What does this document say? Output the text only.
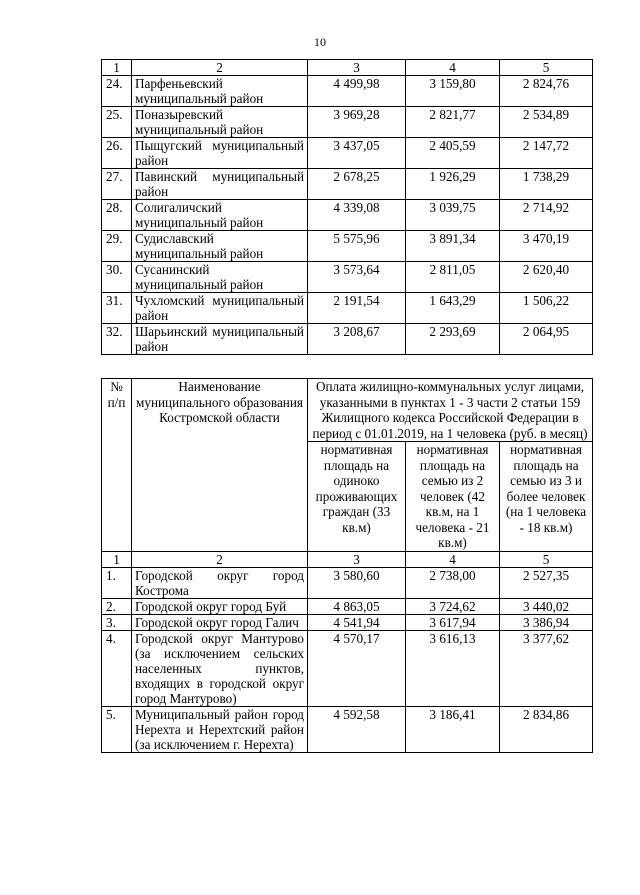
10
1	2	3	4	5
24.	Парфеньевский муниципальный район	4 499,98	3 159,80	2 824,76
25.	Поназыревский муниципальный район	3 969,28	2 821,77	2 534,89
26.	Пыщугский муниципальный район	3 437,05	2 405,59	2 147,72
27.	Павинский муниципальный район	2 678,25	1 926,29	1 738,29
28.	Солигаличский муниципальный район	4 339,08	3 039,75	2 714,92
29.	Судиславский муниципальный район	5 575,96	3 891,34	3 470,19
30.	Сусанинский муниципальный район	3 573,64	2 811,05	2 620,40
31.	Чухломский муниципальный район	2 191,54	1 643,29	1 506,22
32.	Шарьинский муниципальный район	3 208,67	2 293,69	2 064,95
№ п/п	Наименование муниципального образования Костромской области	Оплата жилищно-коммунальных услуг лицами, указанными в пунктах 1 - 3 части 2 статьи 159 Жилищного кодекса Российской Федерации в период с 01.01.2019, на 1 человека (руб. в месяц)		
		нормативная площадь на одиноко проживающих граждан (33 кв.м)	нормативная площадь на семью из 2 человек (42 кв.м, на 1 человека - 21 кв.м)	нормативная площадь на семью из 3 и более человек (на 1 человека - 18 кв.м)
1	2	3	4	5
1.	Городской округ город Кострома	3 580,60	2 738,00	2 527,35
2.	Городской округ город Буй	4 863,05	3 724,62	3 440,02
3.	Городской округ город Галич	4 541,94	3 617,94	3 386,94
4.	Городской округ Мантурово (за исключением сельских населенных пунктов, входящих в городской округ город Мантурово)	4 570,17	3 616,13	3 377,62
5.	Муниципальный район город Нерехта и Нерехтский район (за исключением г. Нерехта)	4 592,58	3 186,41	2 834,86
